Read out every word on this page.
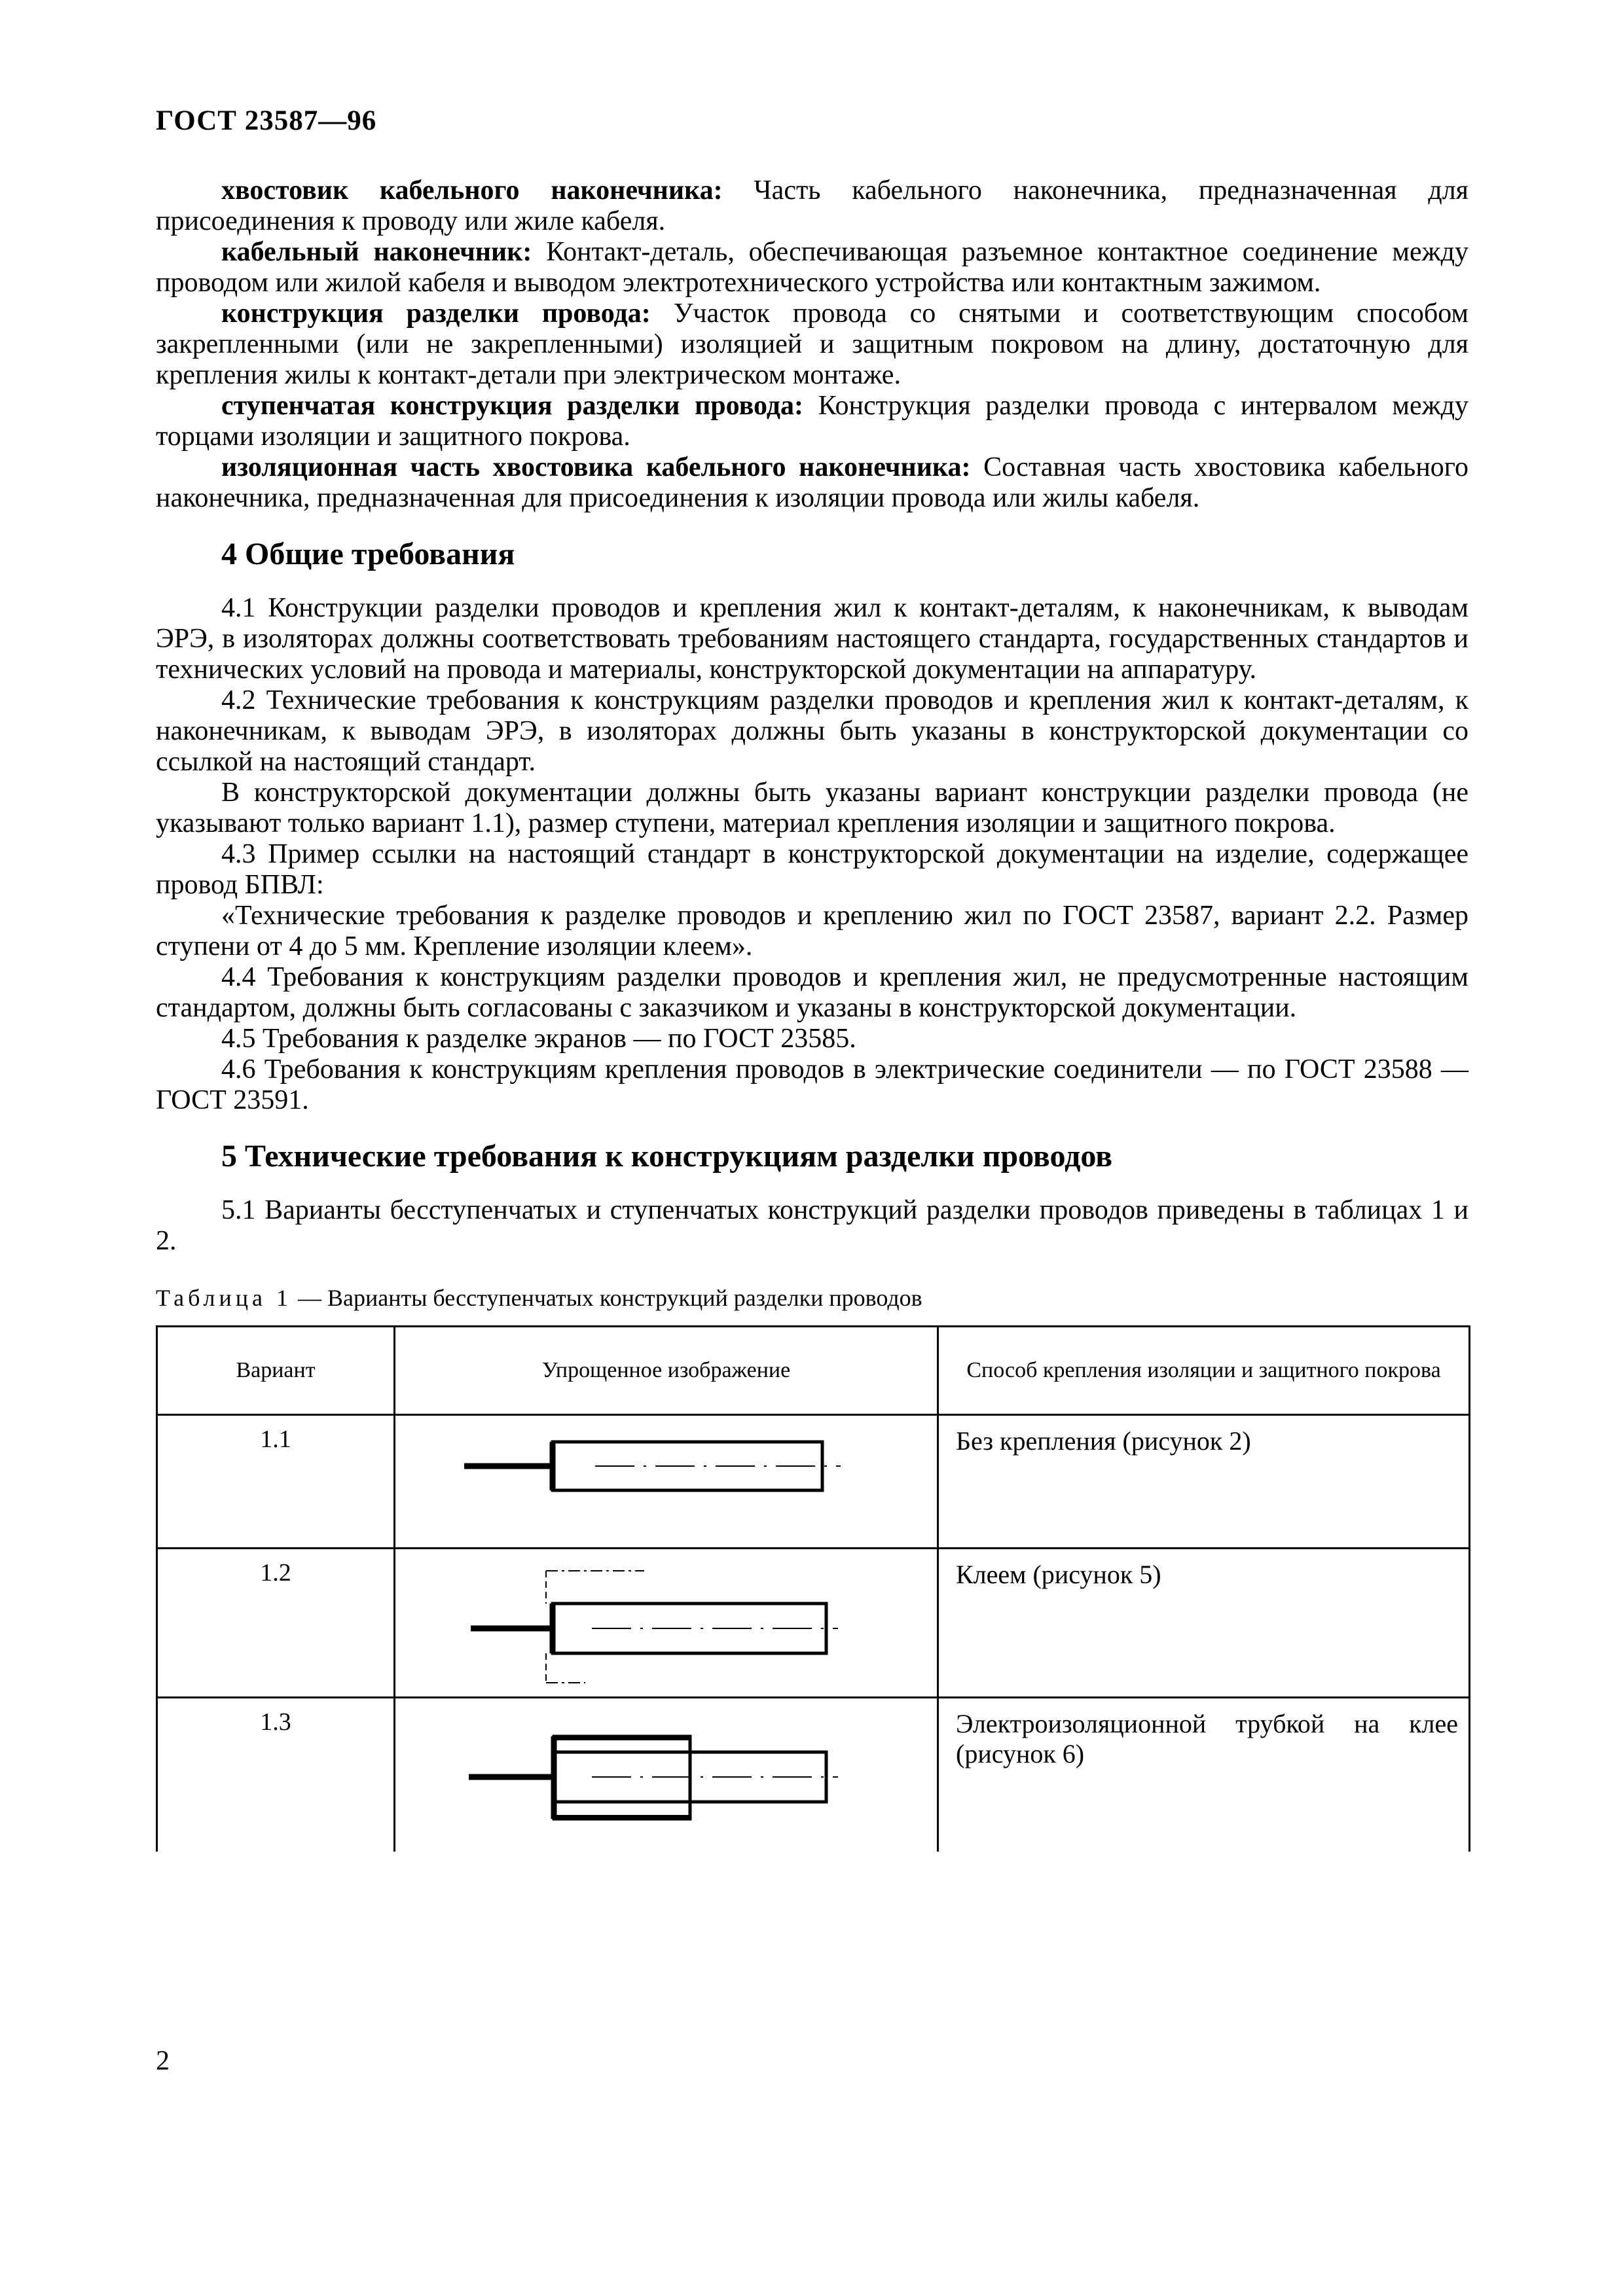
ГОСТ 23587—96

хвостовик кабельного наконечника: Часть кабельного наконечника, предназначенная для присоединения к проводу или жиле кабеля.

кабельный наконечник: Контакт-деталь, обеспечивающая разъемное контактное соединение между проводом или жилой кабеля и выводом электротехнического устройства или контактным зажимом.

конструкция разделки провода: Участок провода со снятыми и соответствующим способом закрепленными (или не закрепленными) изоляцией и защитным покровом на длину, достаточную для крепления жилы к контакт-детали при электрическом монтаже.

ступенчатая конструкция разделки провода: Конструкция разделки провода с интервалом между торцами изоляции и защитного покрова.

изоляционная часть хвостовика кабельного наконечника: Составная часть хвостовика кабельного наконечника, предназначенная для присоединения к изоляции провода или жилы кабеля.

4 Общие требования

4.1 Конструкции разделки проводов и крепления жил к контакт-деталям, к наконечникам, к выводам ЭРЭ, в изоляторах должны соответствовать требованиям настоящего стандарта, государственных стандартов и технических условий на провода и материалы, конструкторской документации на аппаратуру.

4.2 Технические требования к конструкциям разделки проводов и крепления жил к контакт-деталям, к наконечникам, к выводам ЭРЭ, в изоляторах должны быть указаны в конструкторской документации со ссылкой на настоящий стандарт.

В конструкторской документации должны быть указаны вариант конструкции разделки провода (не указывают только вариант 1.1), размер ступени, материал крепления изоляции и защитного покрова.

4.3 Пример ссылки на настоящий стандарт в конструкторской документации на изделие, содержащее провод БПВЛ:

«Технические требования к разделке проводов и креплению жил по ГОСТ 23587, вариант 2.2. Размер ступени от 4 до 5 мм. Крепление изоляции клеем».

4.4 Требования к конструкциям разделки проводов и крепления жил, не предусмотренные настоящим стандартом, должны быть согласованы с заказчиком и указаны в конструкторской документации.

4.5 Требования к разделке экранов — по ГОСТ 23585.

4.6 Требования к конструкциям крепления проводов в электрические соединители — по ГОСТ 23588 — ГОСТ 23591.

5 Технические требования к конструкциям разделки проводов

5.1 Варианты бесступенчатых и ступенчатых конструкций разделки проводов приведены в таблицах 1 и 2.

Таблица 1 — Варианты бесступенчатых конструкций разделки проводов
Вариант	Упрощенное изображение	Способ крепления изоляции и защитного покрова
1.1		Без крепления (рисунок 2)
1.2		Клеем (рисунок 5)
1.3		Электроизоляционной трубкой на клее (рисунок 6)
2
